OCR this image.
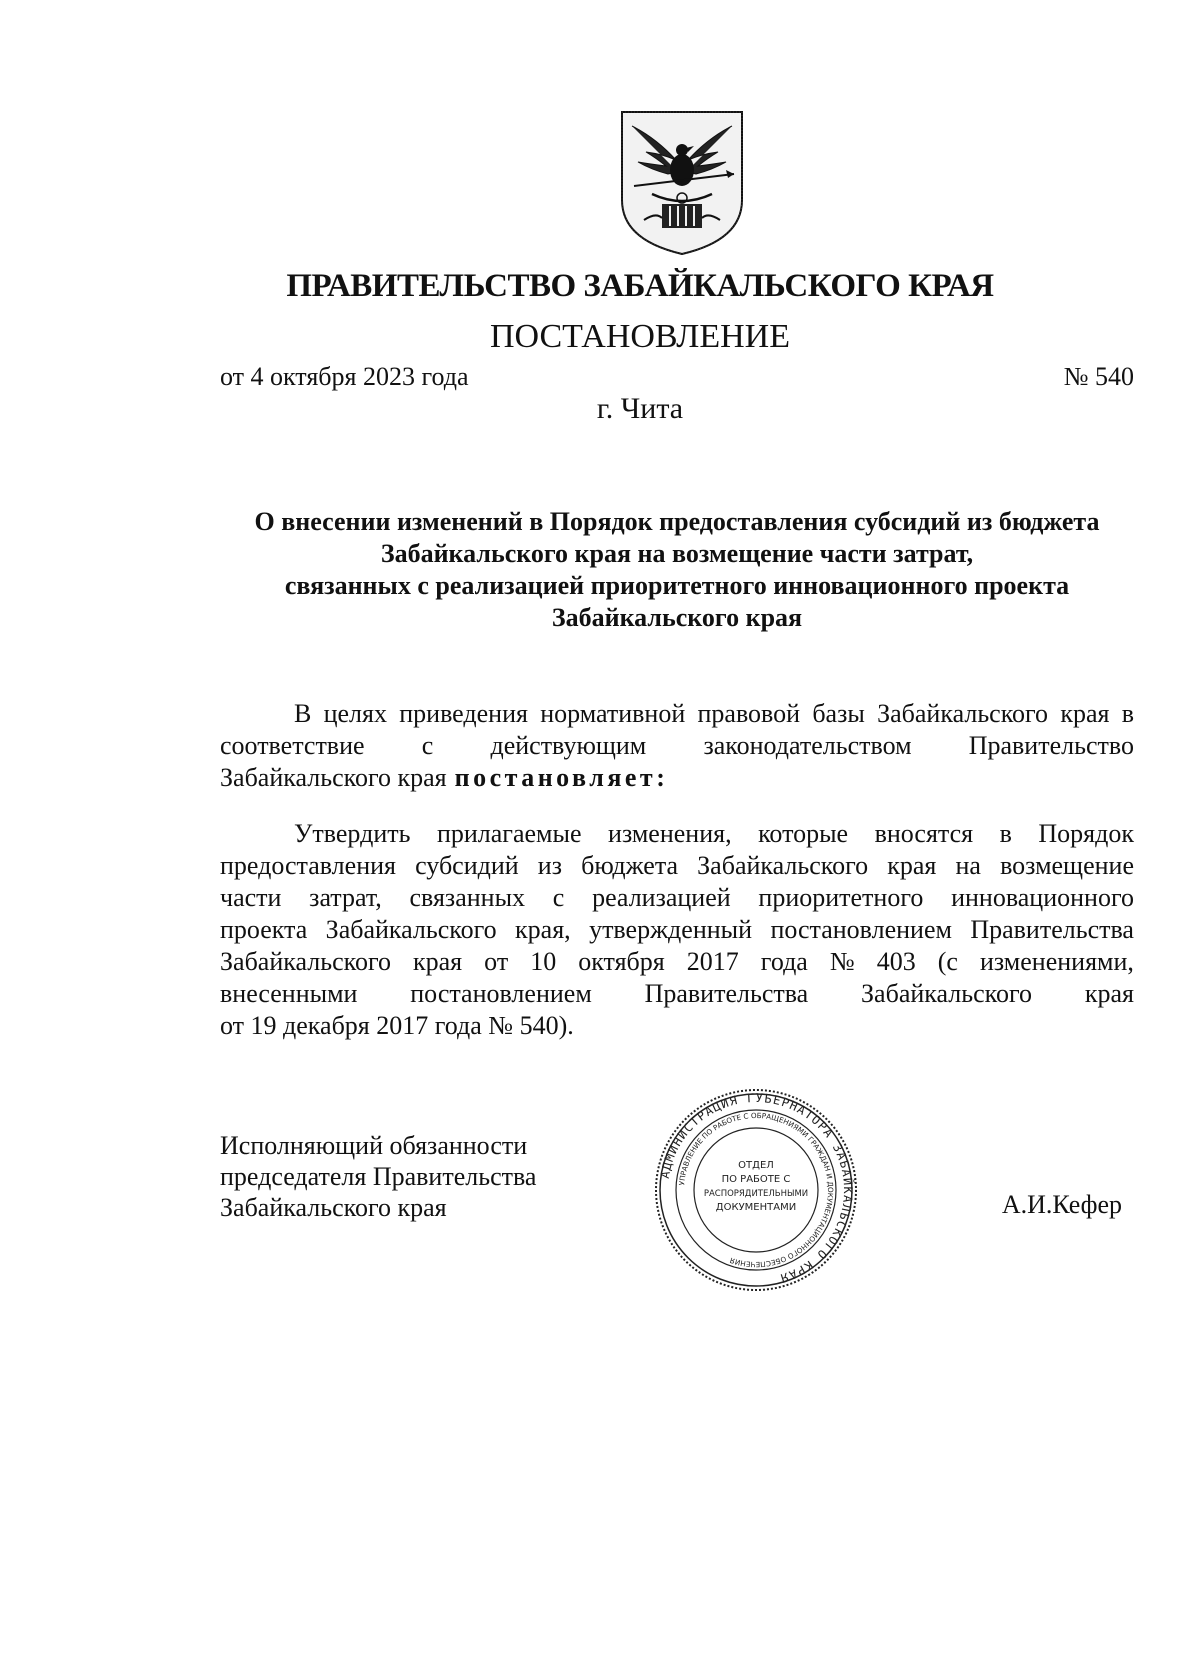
ПРАВИТЕЛЬСТВО ЗАБАЙКАЛЬСКОГО КРАЯ
ПОСТАНОВЛЕНИЕ
от 4 октября 2023 года	№ 540
г. Чита
О внесении изменений в Порядок предоставления субсидий из бюджета
Забайкальского края на возмещение части затрат,
связанных с реализацией приоритетного инновационного проекта
Забайкальского края
В целях приведения нормативной правовой базы Забайкальского края в
соответствие с действующим законодательством Правительство
Забайкальского края постановляет:
Утвердить прилагаемые изменения, которые вносятся в Порядок
предоставления субсидий из бюджета Забайкальского края на возмещение
части затрат, связанных с реализацией приоритетного инновационного
проекта Забайкальского края, утвержденный постановлением Правительства
Забайкальского края от 10 октября 2017 года № 403 (с изменениями,
внесенными постановлением Правительства Забайкальского края
от 19 декабря 2017 года № 540).
Исполняющий обязанности
председателя Правительства
Забайкальского края	А.И.Кефер
АДМИНИСТРАЦИЯ ГУБЕРНАТОРА ЗАБАЙКАЛЬСКОГО КРАЯ
УПРАВЛЕНИЕ ПО РАБОТЕ С ОБРАЩЕНИЯМИ ГРАЖДАН И ДОКУМЕНТАЦИОННОГО ОБЕСПЕЧЕНИЯ
ОТДЕЛ
ПО РАБОТЕ С
РАСПОРЯДИТЕЛЬНЫМИ
ДОКУМЕНТАМИ
